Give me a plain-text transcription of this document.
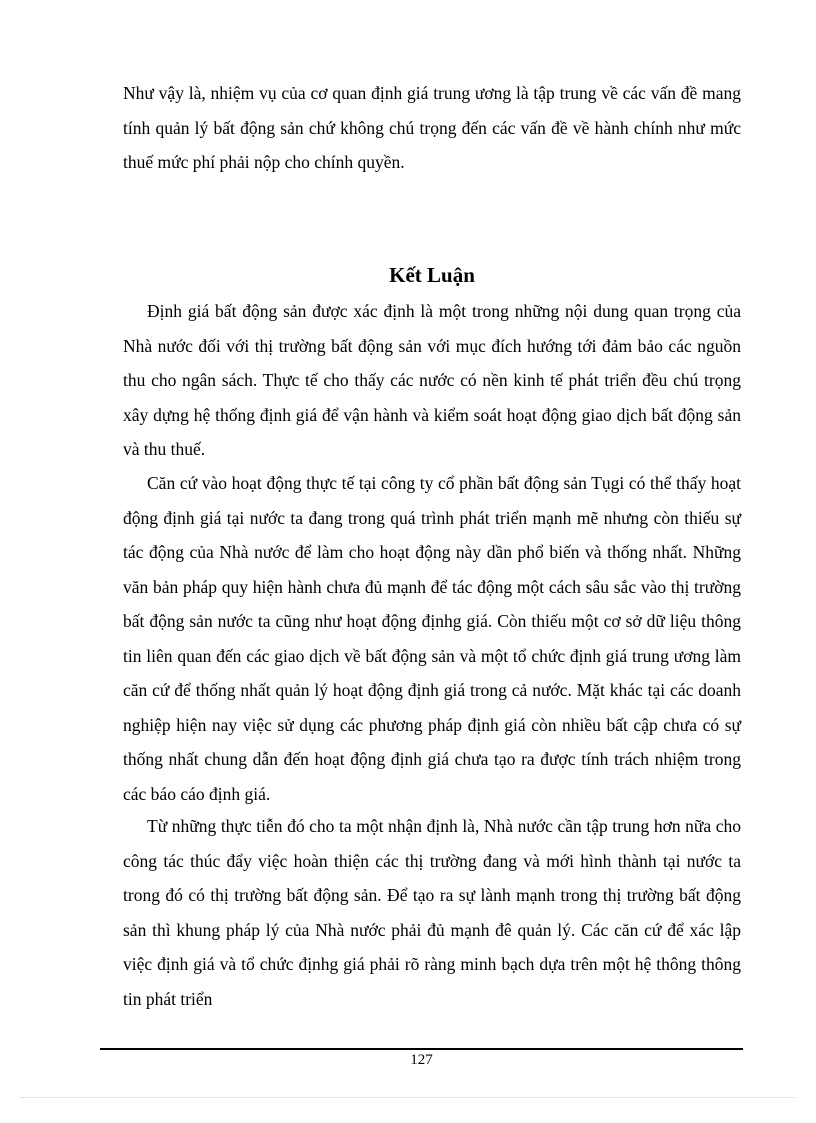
Như vậy là, nhiệm vụ của cơ quan định giá trung ương là tập trung về các vấn đề mang tính quản lý bất động sản chứ không chú trọng đến các vấn đề về hành chính như mức thuế mức phí phải nộp cho chính quyền.

Kết Luận

Định giá bất động sản được xác định là một trong những nội dung quan trọng của Nhà nước đối với thị trường bất động sản với mục đích hướng tới đảm bảo các nguồn thu cho ngân sách. Thực tế cho thấy các nước có nền kinh tế phát triển đều chú trọng xây dựng hệ thống định giá để vận hành và kiểm soát hoạt động giao dịch bất động sản và thu thuế.

Căn cứ vào hoạt động thực tế tại công ty cổ phần bất động sản Tụgi có thể thấy hoạt động định giá tại nước ta đang trong quá trình phát triển mạnh mẽ nhưng còn thiếu sự tác động của Nhà nước để làm cho hoạt động này dần phổ biến và thống nhất. Những văn bản pháp quy hiện hành chưa đủ mạnh để tác động một cách sâu sắc vào thị trường bất động sản nước ta cũng như hoạt động địnhg giá. Còn thiếu một cơ sở dữ liệu thông tin liên quan đến các giao dịch về bất động sản và một tổ chức định giá trung ương làm căn cứ để thống nhất quản lý hoạt động định giá trong cả nước. Mặt khác tại các doanh nghiệp hiện nay việc sử dụng các phương pháp định giá còn nhiều bất cập chưa có sự thống nhất chung dẫn đến hoạt động định giá chưa tạo ra được tính trách nhiệm trong các báo cáo định giá.

Từ những thực tiễn đó cho ta một nhận định là, Nhà nước cần tập trung hơn nữa cho công tác thúc đẩy việc hoàn thiện các thị trường đang và mới hình thành tại nước ta trong đó có thị trường bất động sản. Để tạo ra sự lành mạnh trong thị trường bất động sản thì khung pháp lý của Nhà nước phải đủ mạnh đê quản lý. Các căn cứ để xác lập việc định giá và tổ chức địnhg giá phải rõ ràng minh bạch dựa trên một hệ thông thông tin phát triển

127
